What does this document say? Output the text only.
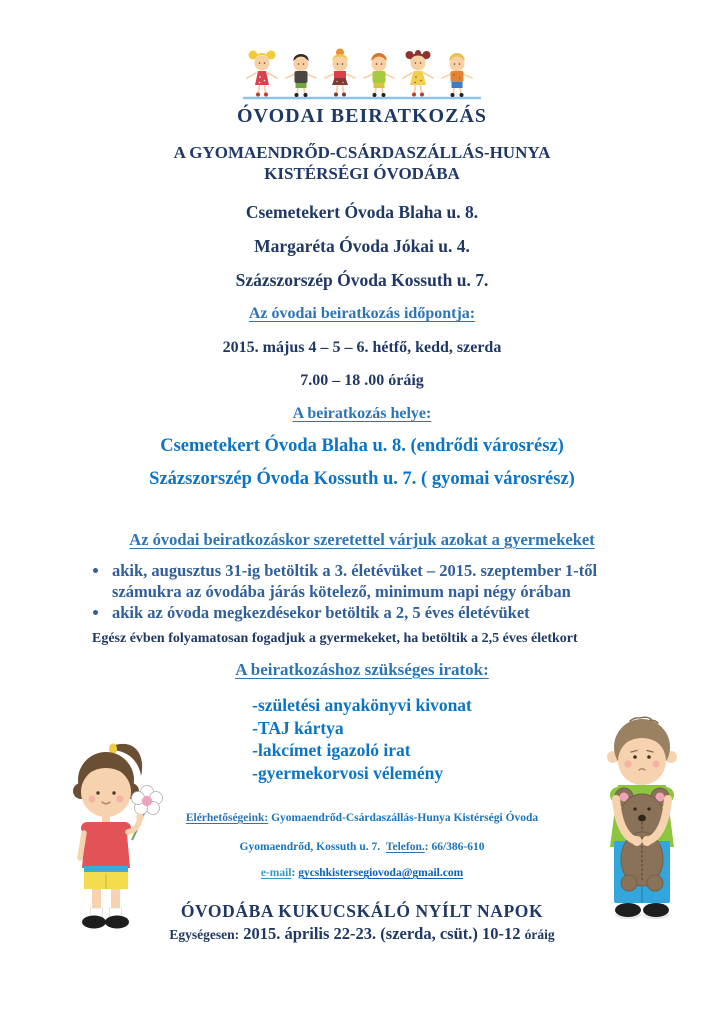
ÓVODAI BEIRATKOZÁS

A GYOMAENDRŐD-CSÁRDASZÁLLÁS-HUNYA

KISTÉRSÉGI ÓVODÁBA

Csemetekert Óvoda Blaha u. 8.

Margaréta Óvoda Jókai u. 4.

Százszorszép Óvoda Kossuth u. 7.

Az óvodai beiratkozás időpontja:

2015. május 4 – 5 – 6. hétfő, kedd, szerda

7.00 – 18 .00 óráig

A beiratkozás helye:

Csemetekert Óvoda Blaha u. 8. (endrődi városrész)

Százszorszép Óvoda Kossuth u. 7. ( gyomai városrész)

Az óvodai beiratkozáskor szeretettel várjuk azokat a gyermekeket

• akik, augusztus 31-ig betöltik a 3. életévüket – 2015. szeptember 1-től számukra az óvodába járás kötelező, minimum napi négy órában
• akik az óvoda megkezdésekor betöltik a 2, 5 éves életévüket

Egész évben folyamatosan fogadjuk a gyermekeket, ha betöltik a 2,5 éves életkort

A beiratkozáshoz szükséges iratok:

-születési anyakönyvi kivonat
-TAJ kártya
-lakcímet igazoló irat
-gyermekorvosi vélemény

Elérhetőségeink: Gyomaendrőd-Csárdaszállás-Hunya Kistérségi Óvoda

Gyomaendrőd, Kossuth u. 7. Telefon.: 66/386-610

e-mail: gycshkistersegiovoda@gmail.com

ÓVODÁBA KUKUCSKÁLÓ NYÍLT NAPOK

Egységesen: 2015. április 22-23. (szerda, csüt.) 10-12 óráig
